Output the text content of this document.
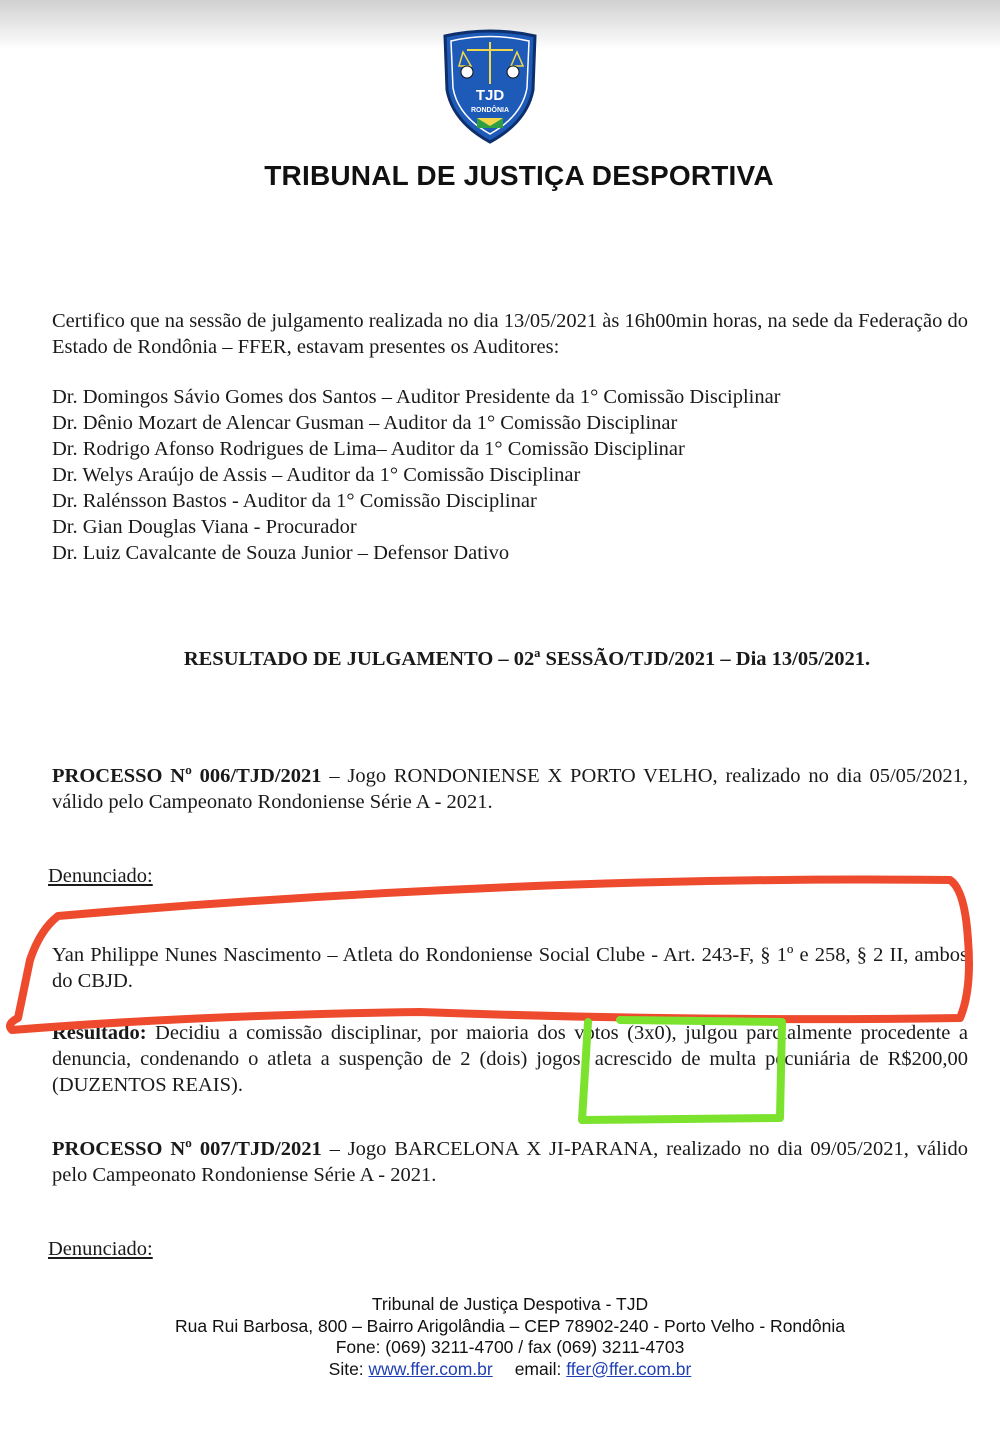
TJD
RONDÔNIA
TRIBUNAL DE JUSTIÇA DESPORTIVA
Certifico que na sessão de julgamento realizada no dia 13/05/2021 às 16h00min horas, na sede da Federação do Estado de Rondônia – FFER, estavam presentes os Auditores:
Dr. Domingos Sávio Gomes dos Santos – Auditor Presidente da 1° Comissão Disciplinar
Dr. Dênio Mozart de Alencar Gusman – Auditor da 1° Comissão Disciplinar
Dr. Rodrigo Afonso Rodrigues de Lima– Auditor da 1° Comissão Disciplinar
Dr. Welys Araújo de Assis – Auditor da 1° Comissão Disciplinar
Dr. Ralénsson Bastos - Auditor da 1° Comissão Disciplinar
Dr. Gian Douglas Viana - Procurador
Dr. Luiz Cavalcante de Souza Junior – Defensor Dativo
RESULTADO DE JULGAMENTO – 02ª SESSÃO/TJD/2021 – Dia 13/05/2021.
PROCESSO Nº 006/TJD/2021 – Jogo RONDONIENSE X PORTO VELHO, realizado no dia 05/05/2021, válido pelo Campeonato Rondoniense Série A - 2021.
Denunciado:
Yan Philippe Nunes Nascimento – Atleta do Rondoniense Social Clube - Art. 243-F, § 1º e 258, § 2 II, ambos do CBJD.
Resultado: Decidiu a comissão disciplinar, por maioria dos votos (3x0), julgou parcialmente procedente a denuncia, condenando o atleta a suspenção de 2 (dois) jogos, acrescido de multa pecuniária de R$200,00 (DUZENTOS REAIS).
PROCESSO Nº 007/TJD/2021 – Jogo BARCELONA X JI-PARANA, realizado no dia 09/05/2021, válido pelo Campeonato Rondoniense Série A - 2021.
Denunciado:
Tribunal de Justiça Despotiva - TJD
Rua Rui Barbosa, 800 – Bairro Arigolândia – CEP 78902-240 - Porto Velho - Rondônia
Fone: (069) 3211-4700 / fax (069) 3211-4703
Site: www.ffer.com.br email: ffer@ffer.com.br
